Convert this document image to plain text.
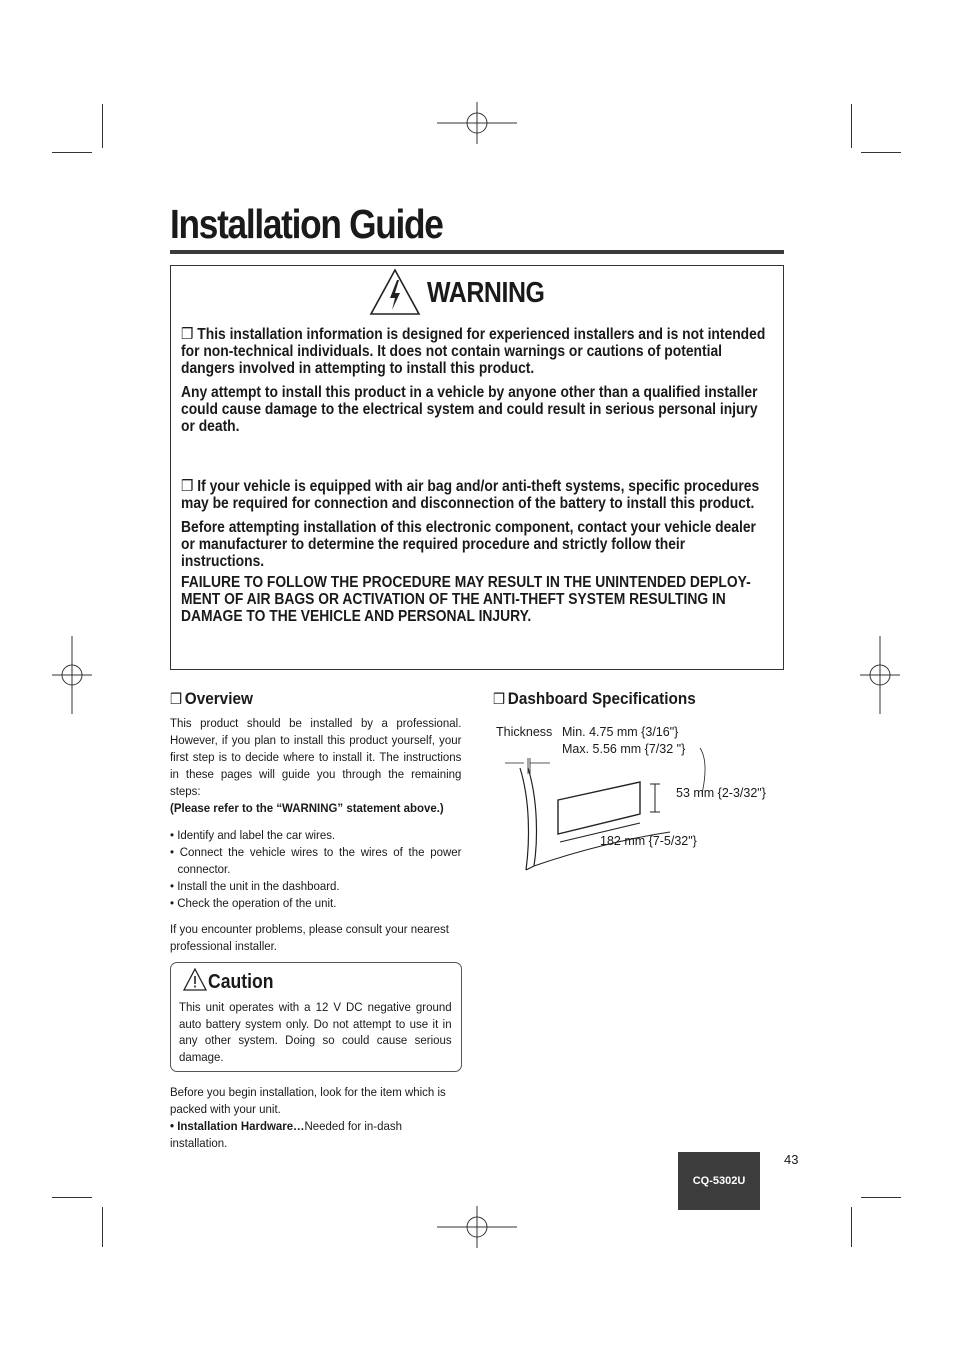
Installation Guide
WARNING

❒ This installation information is designed for experienced installers and is not intended for non-technical individuals. It does not contain warnings or cautions of potential dangers involved in attempting to install this product.

Any attempt to install this product in a vehicle by anyone other than a qualified installer could cause damage to the electrical system and could result in serious personal injury or death.

❒ If your vehicle is equipped with air bag and/or anti-theft systems, specific procedures may be required for connection and disconnection of the battery to install this product.

Before attempting installation of this electronic component, contact your vehicle dealer or manufacturer to determine the required procedure and strictly follow their instructions.

FAILURE TO FOLLOW THE PROCEDURE MAY RESULT IN THE UNINTENDED DEPLOY-MENT OF AIR BAGS OR ACTIVATION OF THE ANTI-THEFT SYSTEM RESULTING IN DAMAGE TO THE VEHICLE AND PERSONAL INJURY.

❒ Overview

This product should be installed by a professional. However, if you plan to install this product yourself, your first step is to decide where to install it. The instructions in these pages will guide you through the remaining steps:

(Please refer to the “WARNING” statement above.)

• Identify and label the car wires.
• Connect the vehicle wires to the wires of the power connector.
• Install the unit in the dashboard.
• Check the operation of the unit.

If you encounter problems, please consult your nearest professional installer.

Caution

This unit operates with a 12 V DC negative ground auto battery system only. Do not attempt to use it in any other system. Doing so could cause serious damage.

Before you begin installation, look for the item which is packed with your unit.

• Installation Hardware…Needed for in-dash installation.

❒ Dashboard Specifications
Thickness Min. 4.75 mm {3/16"}
Max. 5.56 mm {7/32 "}
53 mm {2-3/32"}
182 mm {7-5/32"}
43
CQ-5302U
